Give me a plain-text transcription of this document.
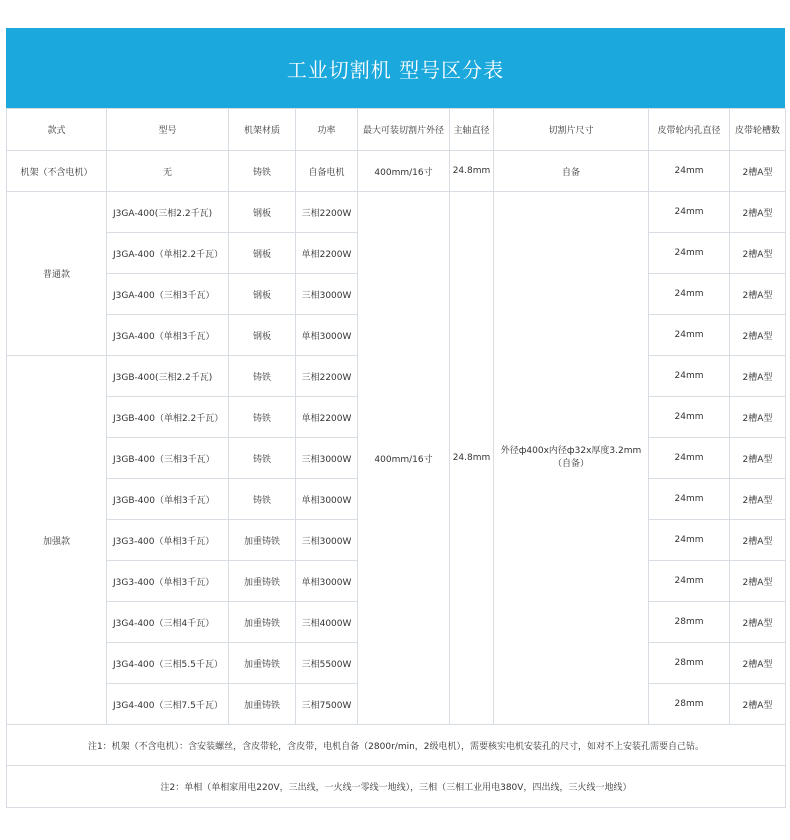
工业切割机 型号区分表
款式	型号	机架材质	功率	最大可装切割片外径	主轴直径	切割片尺寸	皮带轮内孔直径	皮带轮槽数
机架（不含电机）	无	铸铁	自备电机	400mm/16寸	24.8mm	自备	24mm	2槽A型
普通款	J3GA-400(三相2.2千瓦)	钢板	三相2200W	400mm/16寸	24.8mm	外径ф400x内径ф32x厚度3.2mm（自备）	24mm	2槽A型
	J3GA-400（单相2.2千瓦）	钢板	单相2200W				24mm	2槽A型
	J3GA-400（三相3千瓦）	钢板	三相3000W				24mm	2槽A型
	J3GA-400（单相3千瓦）	钢板	单相3000W				24mm	2槽A型
加强款	J3GB-400(三相2.2千瓦)	铸铁	三相2200W				24mm	2槽A型
	J3GB-400（单相2.2千瓦）	铸铁	单相2200W				24mm	2槽A型
	J3GB-400（三相3千瓦）	铸铁	三相3000W				24mm	2槽A型
	J3GB-400（单相3千瓦）	铸铁	单相3000W				24mm	2槽A型
	J3G3-400（单相3千瓦）	加重铸铁	三相3000W				24mm	2槽A型
	J3G3-400（单相3千瓦）	加重铸铁	单相3000W				24mm	2槽A型
	J3G4-400（三相4千瓦）	加重铸铁	三相4000W				28mm	2槽A型
	J3G4-400（三相5.5千瓦）	加重铸铁	三相5500W				28mm	2槽A型
	J3G4-400（三相7.5千瓦）	加重铸铁	三相7500W				28mm	2槽A型
注1：机架（不含电机）：含安装螺丝，含皮带轮，含皮带，电机自备（2800r/min，2级电机），需要核实电机安装孔的尺寸，如对不上安装孔需要自己钻。								
注2：单相（单相家用电220V，三出线，一火线一零线一地线），三相（三相工业用电380V，四出线，三火线一地线）								
